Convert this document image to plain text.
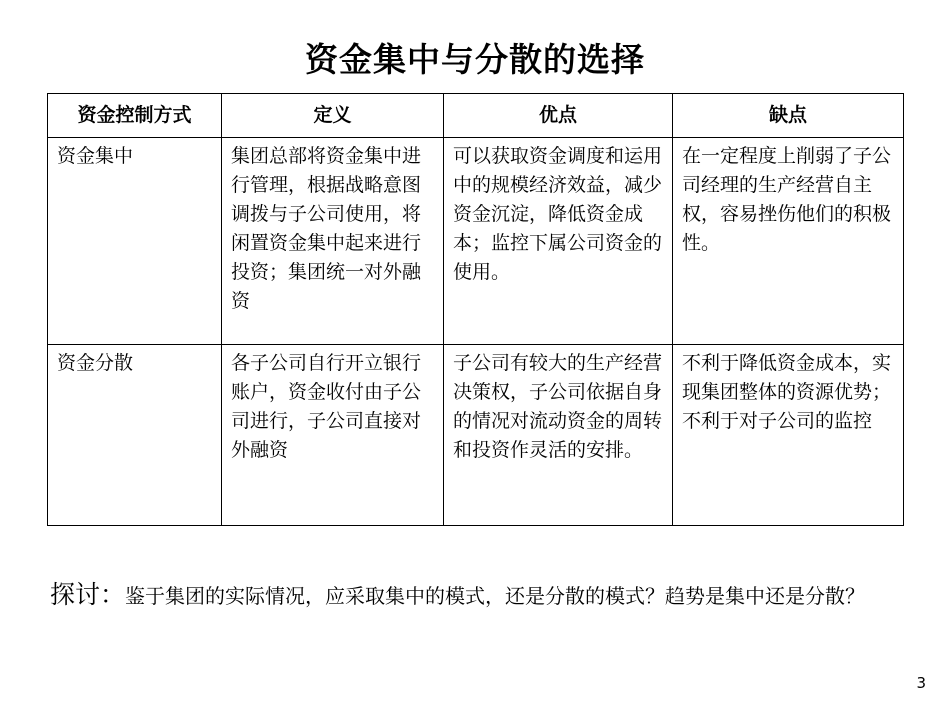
资金集中与分散的选择
资金控制方式	定义	优点	缺点
资金集中	集团总部将资金集中进行管理，根据战略意图调拨与子公司使用，将闲置资金集中起来进行投资；集团统一对外融资	可以获取资金调度和运用中的规模经济效益，减少资金沉淀，降低资金成本；监控下属公司资金的使用。	在一定程度上削弱了子公司经理的生产经营自主权，容易挫伤他们的积极性。
资金分散	各子公司自行开立银行账户，资金收付由子公司进行，子公司直接对外融资	子公司有较大的生产经营决策权，子公司依据自身的情况对流动资金的周转和投资作灵活的安排。	不利于降低资金成本，实现集团整体的资源优势；不利于对子公司的监控
探讨：鉴于集团的实际情况，应采取集中的模式，还是分散的模式？趋势是集中还是分散？
3
